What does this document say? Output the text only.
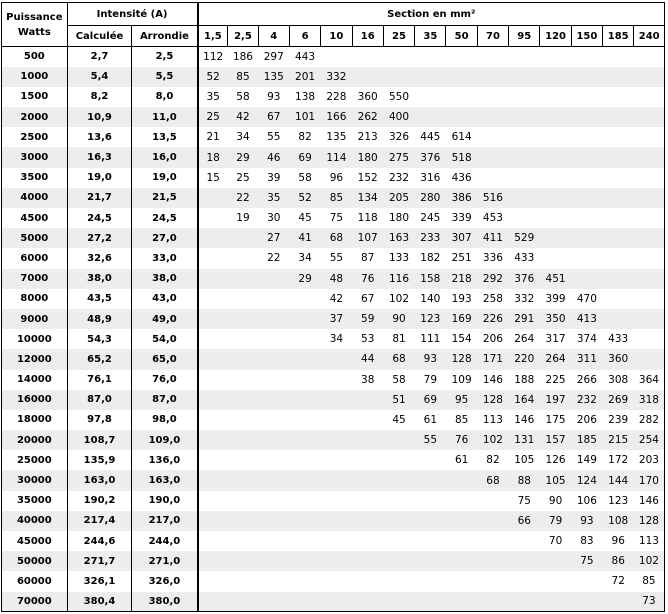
Puissance
Watts	Intensité (A)		Section en mm²														
	Calculée	Arrondie	1,5	2,5	4	6	10	16	25	35	50	70	95	120	150	185	240
500	2,7	2,5	112	186	297	443											
1000	5,4	5,5	52	85	135	201	332										
1500	8,2	8,0	35	58	93	138	228	360	550								
2000	10,9	11,0	25	42	67	101	166	262	400								
2500	13,6	13,5	21	34	55	82	135	213	326	445	614						
3000	16,3	16,0	18	29	46	69	114	180	275	376	518						
3500	19,0	19,0	15	25	39	58	96	152	232	316	436						
4000	21,7	21,5		22	35	52	85	134	205	280	386	516					
4500	24,5	24,5		19	30	45	75	118	180	245	339	453					
5000	27,2	27,0			27	41	68	107	163	233	307	411	529				
6000	32,6	33,0			22	34	55	87	133	182	251	336	433				
7000	38,0	38,0				29	48	76	116	158	218	292	376	451			
8000	43,5	43,0					42	67	102	140	193	258	332	399	470		
9000	48,9	49,0					37	59	90	123	169	226	291	350	413		
10000	54,3	54,0					34	53	81	111	154	206	264	317	374	433	
12000	65,2	65,0						44	68	93	128	171	220	264	311	360	
14000	76,1	76,0						38	58	79	109	146	188	225	266	308	364
16000	87,0	87,0							51	69	95	128	164	197	232	269	318
18000	97,8	98,0							45	61	85	113	146	175	206	239	282
20000	108,7	109,0								55	76	102	131	157	185	215	254
25000	135,9	136,0									61	82	105	126	149	172	203
30000	163,0	163,0										68	88	105	124	144	170
35000	190,2	190,0											75	90	106	123	146
40000	217,4	217,0											66	79	93	108	128
45000	244,6	244,0												70	83	96	113
50000	271,7	271,0													75	86	102
60000	326,1	326,0														72	85
70000	380,4	380,0															73
